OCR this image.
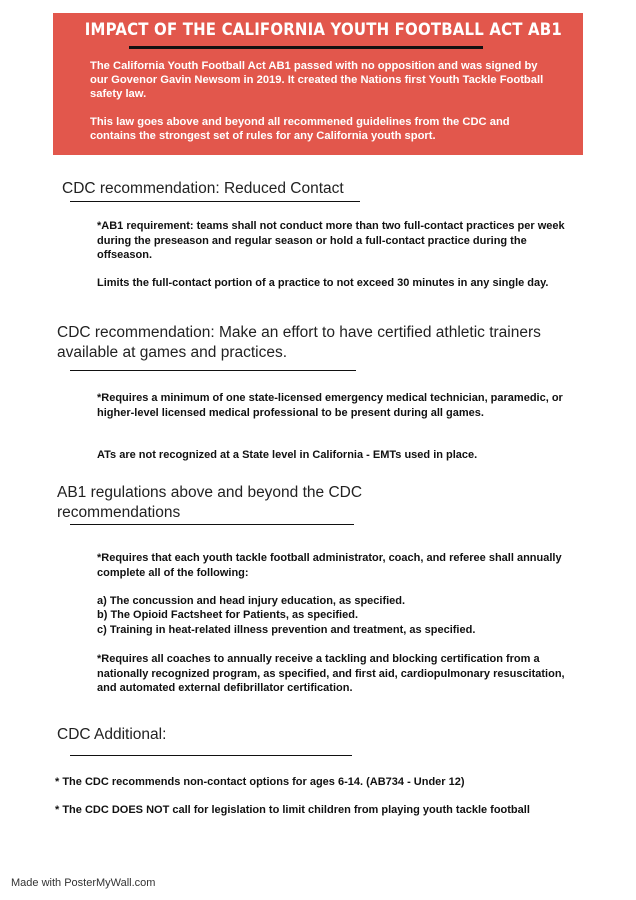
IMPACT OF THE CALIFORNIA YOUTH FOOTBALL ACT AB1

The California Youth Football Act AB1 passed with no opposition and was signed by our Govenor Gavin Newsom in 2019. It created the Nations first Youth Tackle Football safety law.

This law goes above and beyond all recommened guidelines from the CDC and contains the strongest set of rules for any California youth sport.

CDC recommendation: Reduced Contact

*AB1 requirement: teams shall not conduct more than two full-contact practices per week during the preseason and regular season or hold a full-contact practice during the offseason.

Limits the full-contact portion of a practice to not exceed 30 minutes in any single day.

CDC recommendation: Make an effort to have certified athletic trainers available at games and practices.

*Requires a minimum of one state-licensed emergency medical technician, paramedic, or higher-level licensed medical professional to be present during all games.

ATs are not recognized at a State level in California - EMTs used in place.

AB1 regulations above and beyond the CDC recommendations

*Requires that each youth tackle football administrator, coach, and referee shall annually complete all of the following:

a) The concussion and head injury education, as specified.

b) The Opioid Factsheet for Patients, as specified.

c) Training in heat-related illness prevention and treatment, as specified.

*Requires all coaches to annually receive a tackling and blocking certification from a nationally recognized program, as specified, and first aid, cardiopulmonary resuscitation, and automated external defibrillator certification.

CDC Additional:

* The CDC recommends non-contact options for ages 6-14. (AB734 - Under 12)

* The CDC DOES NOT call for legislation to limit children from playing youth tackle football

Made with PosterMyWall.com
